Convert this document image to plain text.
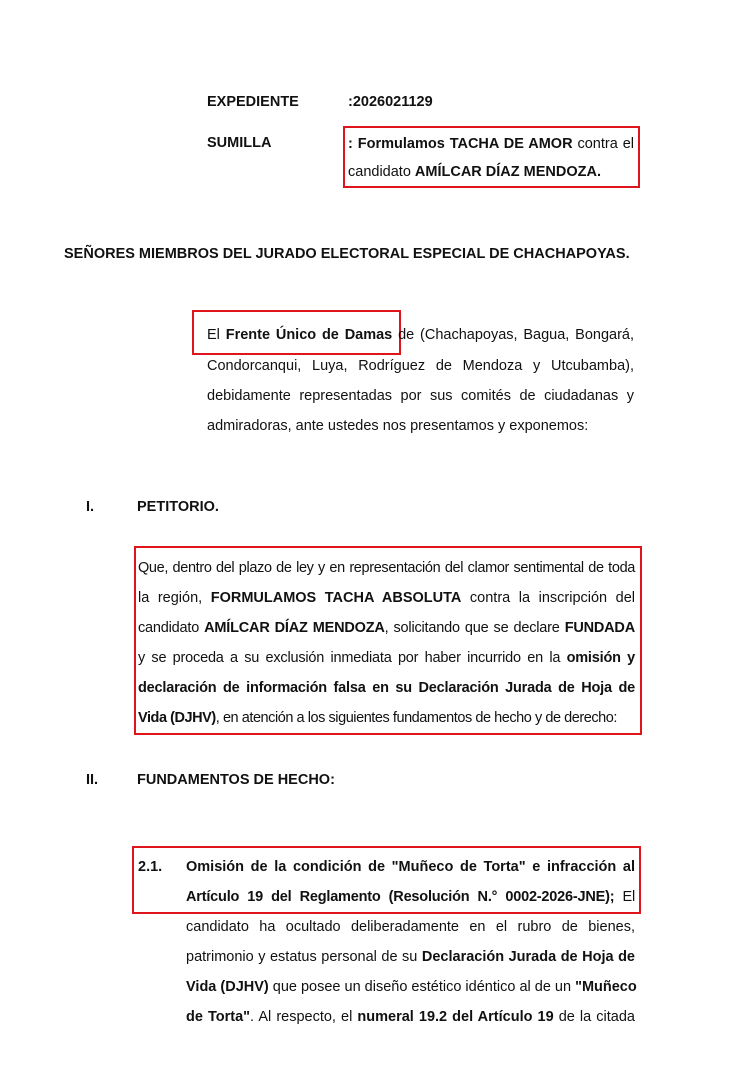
EXPEDIENTE	:2026021129
SUMILLA	: Formulamos TACHA DE AMOR contra el
candidato AMÍLCAR DÍAZ MENDOZA.
SEÑORES MIEMBROS DEL JURADO ELECTORAL ESPECIAL DE CHACHAPOYAS.
El Frente Único de Damas de (Chachapoyas, Bagua, Bongará,
Condorcanqui, Luya, Rodríguez de Mendoza y Utcubamba),
debidamente representadas por sus comités de ciudadanas y
admiradoras, ante ustedes nos presentamos y exponemos:
I.	PETITORIO.
Que, dentro del plazo de ley y en representación del clamor sentimental de toda
la región, FORMULAMOS TACHA ABSOLUTA contra la inscripción del
candidato AMÍLCAR DÍAZ MENDOZA, solicitando que se declare FUNDADA
y se proceda a su exclusión inmediata por haber incurrido en la omisión y
declaración de información falsa en su Declaración Jurada de Hoja de
Vida (DJHV), en atención a los siguientes fundamentos de hecho y de derecho:
II.	FUNDAMENTOS DE HECHO:
2.1. Omisión de la condición de "Muñeco de Torta" e infracción al
Artículo 19 del Reglamento (Resolución N.° 0002-2026-JNE); El
candidato ha ocultado deliberadamente en el rubro de bienes,
patrimonio y estatus personal de su Declaración Jurada de Hoja de
Vida (DJHV) que posee un diseño estético idéntico al de un "Muñeco
de Torta". Al respecto, el numeral 19.2 del Artículo 19 de la citada
